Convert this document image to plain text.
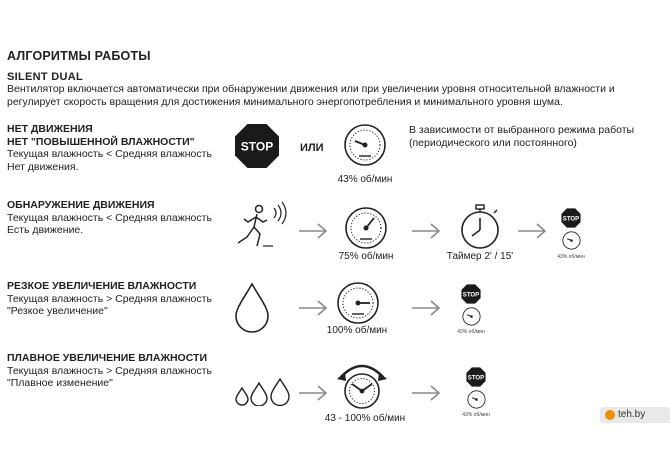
АЛГОРИТМЫ РАБОТЫ
SILENT DUAL
Вентилятор включается автоматически при обнаружении движения или при увеличении уровня относительной влажности и регулирует скорость вращения для достижения минимального энергопотребления и минимального уровня шума.
НЕТ ДВИЖЕНИЯ
НЕТ "ПОВЫШЕННОЙ ВЛАЖНОСТИ"
Текущая влажность < Средняя влажность
Нет движения.
STOP ИЛИ
43% об/мин
В зависимости от выбранного режима работы (периодического или постоянного)
ОБНАРУЖЕНИЕ ДВИЖЕНИЯ
Текущая влажность < Средняя влажность
Есть движение.
75% об/мин	Таймер 2' / 15'
STOP
43% об/мин
РЕЗКОЕ УВЕЛИЧЕНИЕ ВЛАЖНОСТИ
Текущая влажность > Средняя влажность
"Резкое увеличение"
100% об/мин
STOP
43% об/мин
ПЛАВНОЕ УВЕЛИЧЕНИЕ ВЛАЖНОСТИ
Текущая влажность > Средняя влажность
"Плавное изменение"
43 - 100% об/мин
STOP
43% об/мин	teh.by
